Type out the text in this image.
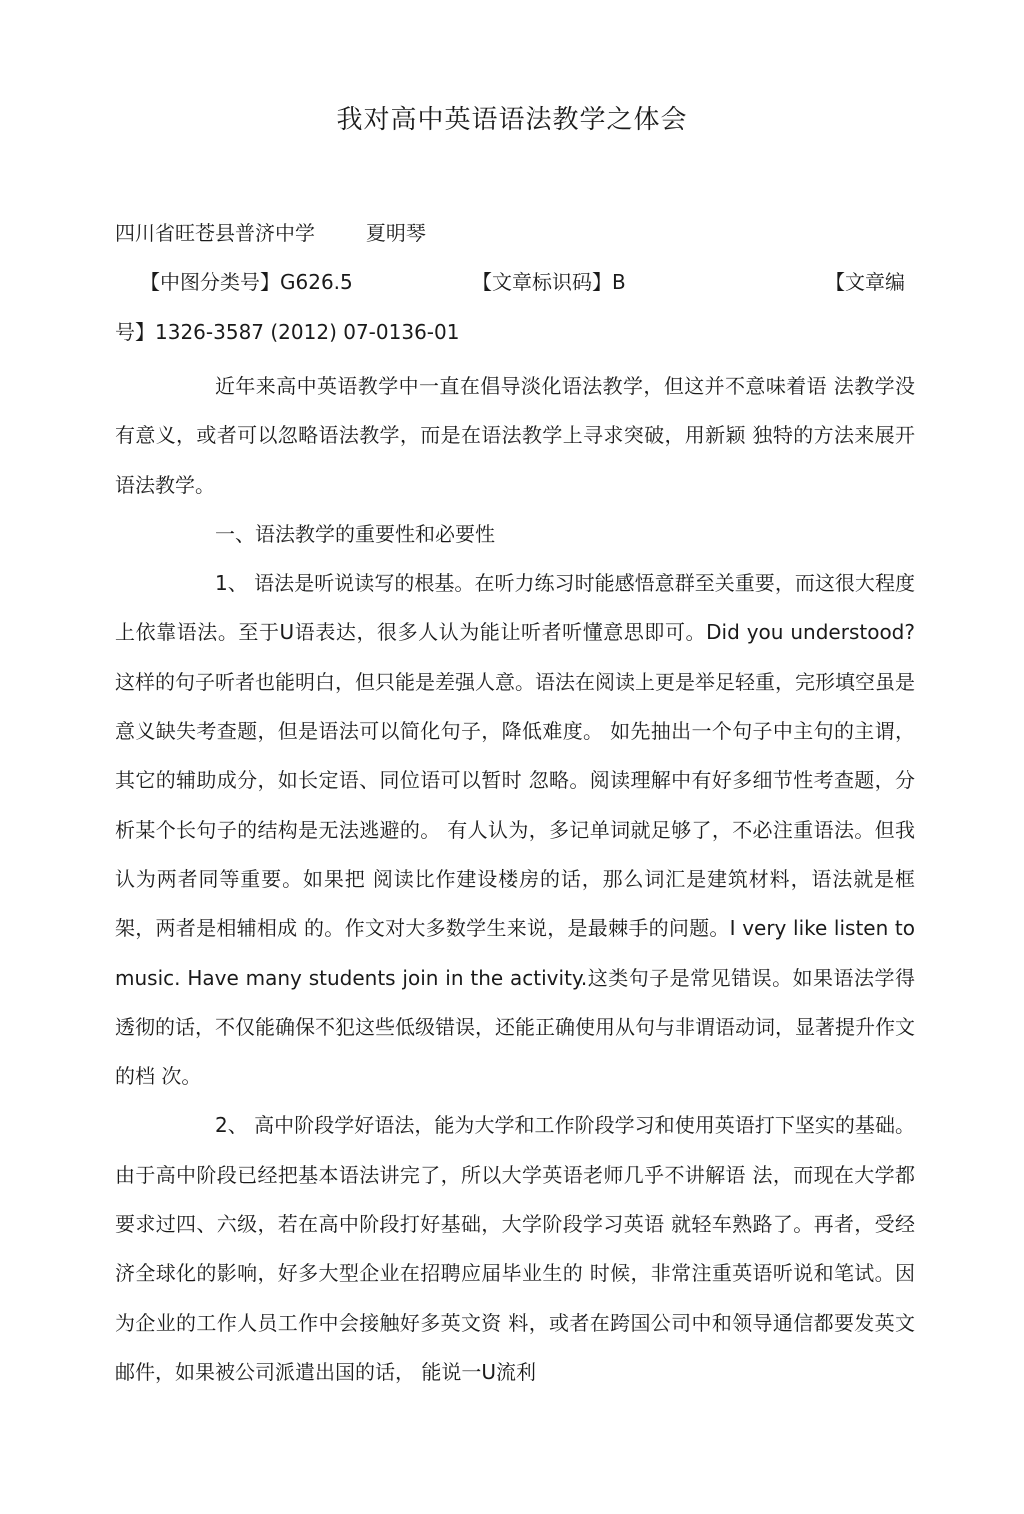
我对高中英语语法教学之体会
四川省旺苍县普济中学        夏明琴
【中图分类号】G626.5	【文章标识码】B	【文章编
号】1326-3587 (2012) 07-0136-01

近年来高中英语教学中一直在倡导淡化语法教学，但这并不意味着语 法教学没有意义，或者可以忽略语法教学，而是在语法教学上寻求突破，用新颖 独特的方法来展开语法教学。

一、语法教学的重要性和必要性

1、 语法是听说读写的根基。在听力练习时能感悟意群至关重要，而这很大程度上依靠语法。至于U语表达，很多人认为能让听者听懂意思即可。Did you understood?这样的句子听者也能明白，但只能是差强人意。语法在阅读上更是举足轻重，完形填空虽是意义缺失考查题，但是语法可以简化句子，降低难度。 如先抽出一个句子中主句的主谓，其它的辅助成分，如长定语、同位语可以暂时 忽略。阅读理解中有好多细节性考查题，分析某个长句子的结构是无法逃避的。 有人认为，多记单词就足够了，不必注重语法。但我认为两者同等重要。如果把 阅读比作建设楼房的话，那么词汇是建筑材料，语法就是框架，两者是相辅相成 的。作文对大多数学生来说，是最棘手的问题。I very like listen to music. Have many students join in the activity.这类句子是常见错误。如果语法学得透彻的话，不仅能确保不犯这些低级错误，还能正确使用从句与非谓语动词，显著提升作文的档 次。

2、 高中阶段学好语法，能为大学和工作阶段学习和使用英语打下坚实的基础。由于高中阶段已经把基本语法讲完了，所以大学英语老师几乎不讲解语 法，而现在大学都要求过四、六级，若在高中阶段打好基础，大学阶段学习英语 就轻车熟路了。再者，受经济全球化的影响，好多大型企业在招聘应届毕业生的 时候，非常注重英语听说和笔试。因为企业的工作人员工作中会接触好多英文资 料，或者在跨国公司中和领导通信都要发英文邮件，如果被公司派遣出国的话， 能说一U流利
